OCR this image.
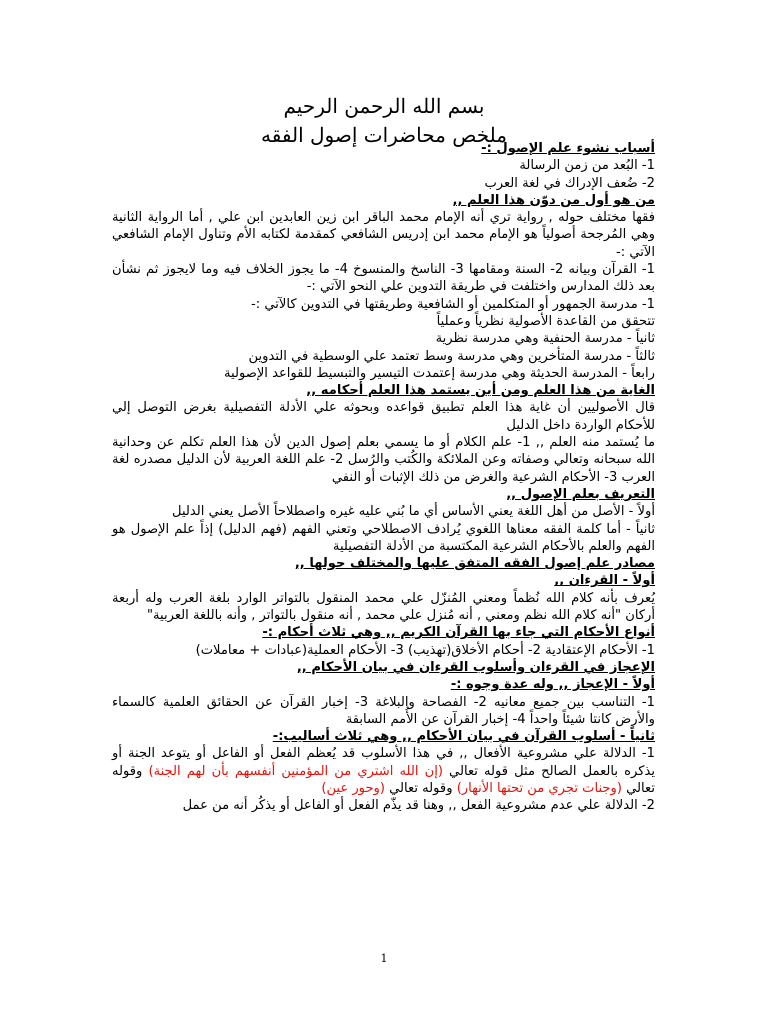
بسم الله الرحمن الرحيم
ملخص محاضرات إصول الفقه
أسباب نشوء علم الإصول :-
1- البُعد من زمن الرسالة
2- ضُعف الإدراك في لغة العرب
من هو أول من دوّن هذا العلم ,,
فقها مختلف حوله , رواية تري أنه الإمام محمد الباقر ابن زين العابدين ابن علي , أما الرواية الثانية وهي المُرجحة أصولياً هو الإمام محمد ابن إدريس الشافعي كمقدمة لكتابه الأم وتناول الإمام الشافعي الآتي :-
1- القرآن وبيانه 2- السنة ومقامها 3- الناسخ والمنسوخ 4- ما يجوز الخلاف فيه وما لايجوز ثم نشأن بعد ذلك المدارس واختلفت في طريقة التدوين علي النحو الآتي :-
1- مدرسة الجمهور أو المتكلمين أو الشافعية وطريقتها في التدوين كالآتي :-
تتحقق من القاعدة الأصولية نظرياً وعملياً
ثانياً - مدرسة الحنفية وهي مدرسة نظرية
ثالثاً - مدرسة المتأخرين وهي مدرسة وسط تعتمد علي الوسطية في التدوين
رابعاً - المدرسة الحديثة وهي مدرسة إعتمدت التيسير والتبسيط للقواعد الإصولية
الغاية من هذا العلم ومن أين يستمد هذا العلم أحكامه ,,
قال الأصوليين أن غاية هذا العلم تطبيق قواعده وبحوثه علي الأدلة التفصيلية بغرض التوصل إلي للأحكام الواردة داخل الدليل
ما يُستمد منه العلم ,, 1- علم الكلام أو ما يسمي بعلم إصول الدين لأن هذا العلم تكلم عن وحدانية الله سبحانه وتعالي وصفاته وعن الملائكة والكُتب والرُسل 2- علم اللغة العربية لأن الدليل مصدره لغة العرب 3- الأحكام الشرعية والغرض من ذلك الإثبات أو النفي
التعريف بعلم الإصول ,,
أولاً - الأصل من أهل اللغة يعني الأساس أي ما بُني عليه غيره واصطلاحاً الأصل يعني الدليل
ثانياً - أما كلمة الفقه معناها اللغوي يُرادف الاصطلاحي وتعني الفهم (فهم الدليل) إذاً علم الإصول هو الفهم والعلم بالأحكام الشرعية المكتسبة من الأدلة التفصيلية
مصادر علم إصول الفقه المتفق عليها والمختلف حولها ,,
أولاً - القرءان ,,
يُعرف بأنه كلام الله نُظماً ومعني المُنزّل علي محمد المنقول بالتواتر الوارد بلغة العرب وله أربعة أركان "أنه كلام الله نظم ومعني , أنه مُنزل علي محمد , أنه منقول بالتواتر , وأنه باللغة العربية"
أنواع الأحكام التي جاء بها القرآن الكريم ,, وهي ثلاث أحكام :-
1- الأحكام الإعتقادية 2- أحكام الأخلاق(تهذيب) 3- الأحكام العملية(عبادات + معاملات)
الإعجاز في القرءان وأسلوب القرءان في بيان الأحكام ,,
أولاً - الإعجاز ,, وله عدة وجوه :-
1- التناسب بين جميع معانيه 2- الفصاحة والبلاغة 3- إخبار القرآن عن الحقائق العلمية كالسماء والأرض كانتا شيئاً واحداً 4- إخبار القرآن عن الأُمم السابقة
ثانياً - أسلوب القرآن في بيان الأحكام ,, وهي ثلاث أساليب:-
1- الدلالة علي مشروعية الأفعال ,, في هذا الأسلوب قد يُعظم الفعل أو الفاعل أو يتوعد الجنة أو يذكره بالعمل الصالح مثل قوله تعالي (إن الله اشتري من المؤمنين أنفسهم بأن لهم الجنة) وقوله تعالي (وجنات تجري من تحتها الأنهار) وقوله تعالي (وحور عين)
2- الدلالة علي عدم مشروعية الفعل ,, وهنا قد يذّم الفعل أو الفاعل أو يذكُر أنه من عمل
1
